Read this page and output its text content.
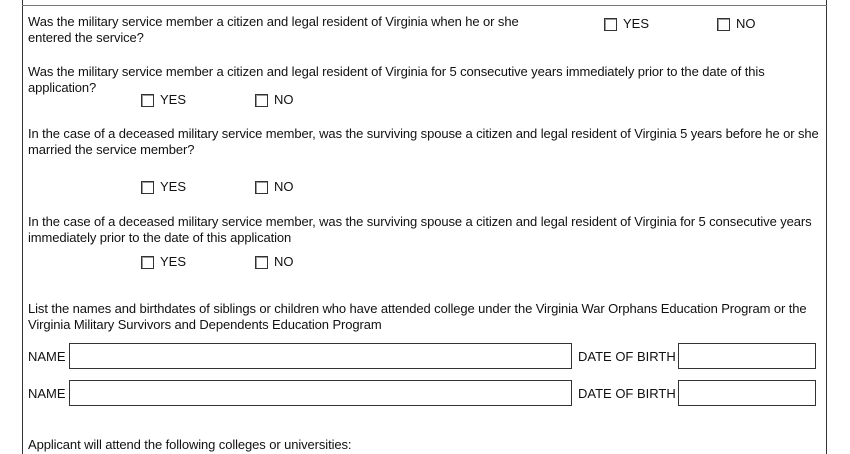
Was the military service member a citizen and legal resident of Virginia when he or she entered the service?
YES	NO
Was the military service member a citizen and legal resident of Virginia for 5 consecutive years immediately prior to the date of this application?
YES	NO
In the case of a deceased military service member, was the surviving spouse a citizen and legal resident of Virginia 5 years before he or she married the service member?
YES	NO
In the case of a deceased military service member, was the surviving spouse a citizen and legal resident of Virginia for 5 consecutive years immediately prior to the date of this application
YES	NO
List the names and birthdates of siblings or children who have attended college under the Virginia War Orphans Education Program or the Virginia Military Survivors and Dependents Education Program
NAME	DATE OF BIRTH
NAME	DATE OF BIRTH
Applicant will attend the following colleges or universities:
